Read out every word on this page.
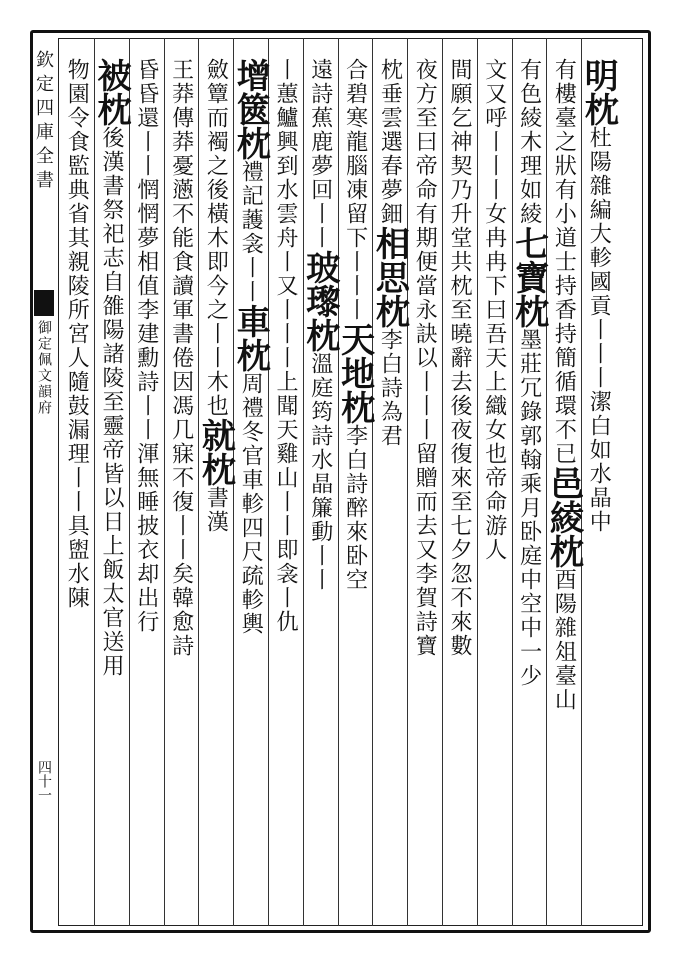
欽定四庫全書
御定佩文韻府
四十一
明枕杜陽雜編大軫國貢丨丨丨潔白如水晶中
有樓臺之狀有小道士持香持簡循環不已邑綾枕酉陽雜俎臺山
有色綾木理如綾七寶枕墨莊冗錄郭翰乘月卧庭中空中一少
文又呼丨丨丨女冉冉下曰吾天上織女也帝命游人
間願乞神契乃升堂共枕至曉辭去後夜復來至七夕忽不來數
夜方至曰帝命有期便當永訣以丨丨丨留贈而去又李賀詩寶
枕垂雲選春夢鈿相思枕李白詩為君
合碧寒龍腦凍留下丨丨丨天地枕李白詩醉來卧空
遠詩蕉鹿夢回丨丨玻瓈枕溫庭筠詩水晶簾動丨丨
丨蕙鱸興到水雲舟丨又丨丨丨上聞天雞山丨丨即衾丨仇
增篋枕禮記䕶衾丨丨車枕周禮冬官車軫四尺疏軫輿
斂簟而襡之後橫木即今之丨丨木也就枕書漢
王莽傳莽憂懣不能食讀軍書倦因馮几寐不復丨丨矣韓愈詩
昏昏還丨丨惘惘夢相值李建勳詩丨丨渾無睡披衣却出行
被枕後漢書祭祀志自雒陽諸陵至靈帝皆以日上飯太官送用
物園令食監典省其親陵所宮人隨鼓漏理丨丨具盥水陳
